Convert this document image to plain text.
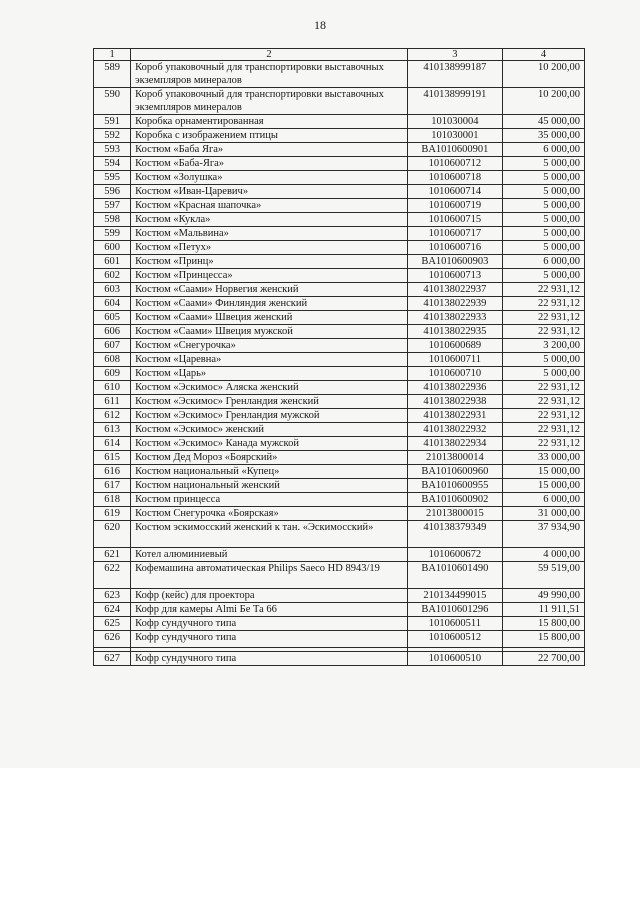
18
1	2	3	4
589	Короб упаковочный для транспортировки выставочных экземпляров минералов	410138999187	10 200,00
590	Короб упаковочный для транспортировки выставочных экземпляров минералов	410138999191	10 200,00
591	Коробка орнаментированная	101030004	45 000,00
592	Коробка с изображением птицы	101030001	35 000,00
593	Костюм «Баба Яга»	BA1010600901	6 000,00
594	Костюм «Баба-Яга»	1010600712	5 000,00
595	Костюм «Золушка»	1010600718	5 000,00
596	Костюм «Иван-Царевич»	1010600714	5 000,00
597	Костюм «Красная шапочка»	1010600719	5 000,00
598	Костюм «Кукла»	1010600715	5 000,00
599	Костюм «Мальвина»	1010600717	5 000,00
600	Костюм «Петух»	1010600716	5 000,00
601	Костюм «Принц»	BA1010600903	6 000,00
602	Костюм «Принцесса»	1010600713	5 000,00
603	Костюм «Саами» Норвегия женский	410138022937	22 931,12
604	Костюм «Саами» Финляндия женский	410138022939	22 931,12
605	Костюм «Саами» Швеция женский	410138022933	22 931,12
606	Костюм «Саами» Швеция мужской	410138022935	22 931,12
607	Костюм «Снегурочка»	1010600689	3 200,00
608	Костюм «Царевна»	1010600711	5 000,00
609	Костюм «Царь»	1010600710	5 000,00
610	Костюм «Эскимос» Аляска женский	410138022936	22 931,12
611	Костюм «Эскимос» Гренландия женский	410138022938	22 931,12
612	Костюм «Эскимос» Гренландия мужской	410138022931	22 931,12
613	Костюм «Эскимос» женский	410138022932	22 931,12
614	Костюм «Эскимос» Канада мужской	410138022934	22 931,12
615	Костюм Дед Мороз «Боярский»	21013800014	33 000,00
616	Костюм национальный «Купец»	BA1010600960	15 000,00
617	Костюм национальный женский	BA1010600955	15 000,00
618	Костюм принцесса	BA1010600902	6 000,00
619	Костюм Снегурочка «Боярская»	21013800015	31 000,00
620	Костюм эскимосский женский к тан. «Эскимосский»	410138379349	37 934,90
621	Котел алюминиевый	1010600672	4 000,00
622	Кофемашина автоматическая Philips Saeco HD 8943/19	BA1010601490	59 519,00
623	Кофр (кейс) для проектора	210134499015	49 990,00
624	Кофр для камеры Almi Бе Та 66	BA1010601296	11 911,51
625	Кофр сундучного типа	1010600511	15 800,00
626	Кофр сундучного типа	1010600512	15 800,00

627	Кофр сундучного типа	1010600510	22 700,00
